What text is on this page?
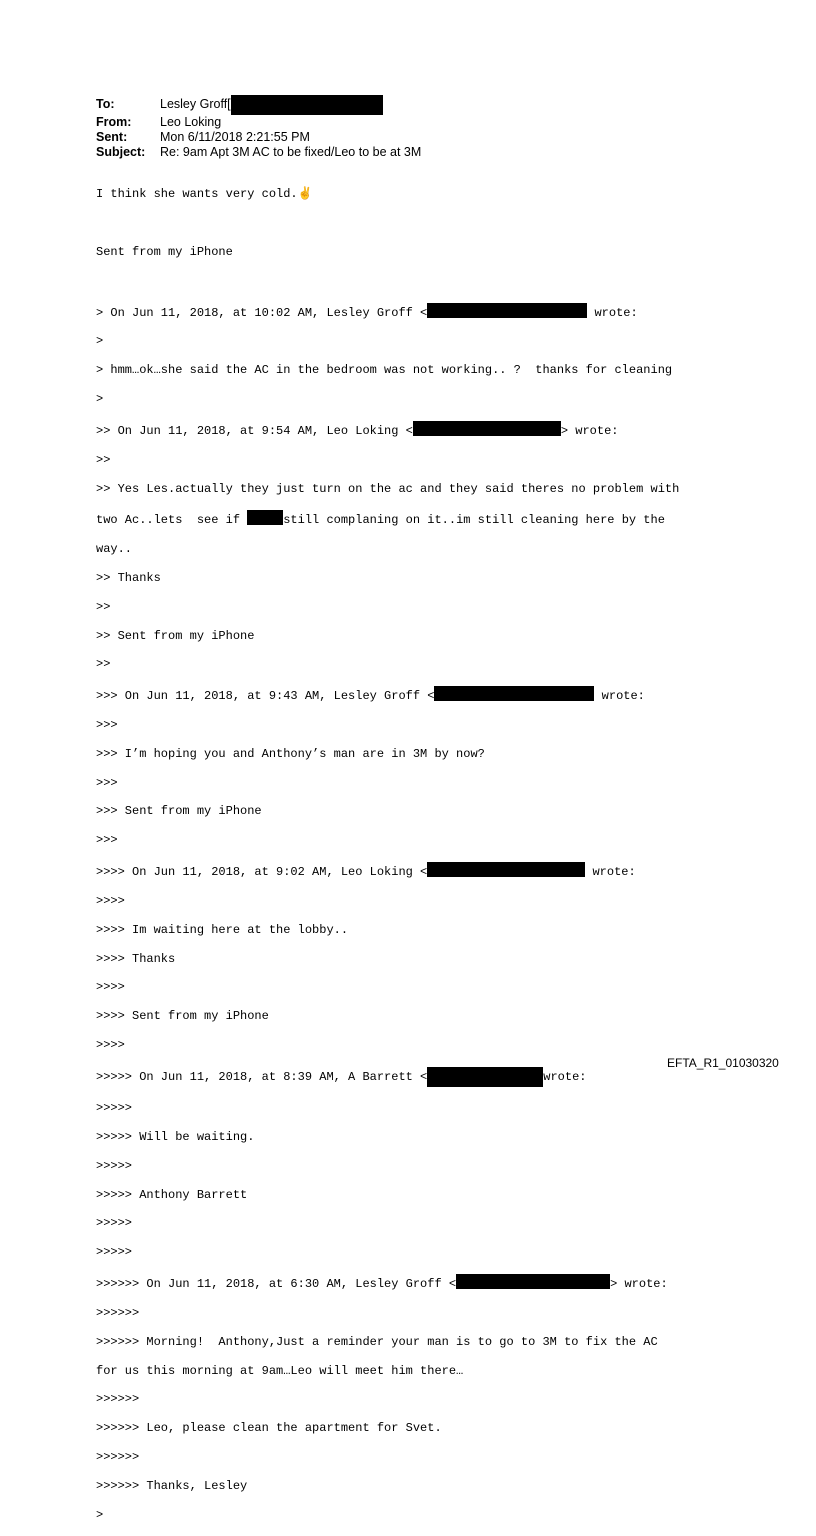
To:	Lesley Groff[
From:	Leo Loking
Sent:	Mon 6/11/2018 2:21:55 PM
Subject:	Re: 9am Apt 3M AC to be fixed/Leo to be at 3M

I think she wants very cold.✌

Sent from my iPhone

> On Jun 11, 2018, at 10:02 AM, Lesley Groff <	wrote:

>

> hmm…ok…she said the AC in the bedroom was not working.. ?  thanks for cleaning

>

>> On Jun 11, 2018, at 9:54 AM, Leo Loking <	> wrote:

>>

>> Yes Les.actually they just turn on the ac and they said theres no problem with

two Ac..lets  see if	still complaning on it..im still cleaning here by the

way..

>> Thanks

>>

>> Sent from my iPhone

>>

>>> On Jun 11, 2018, at 9:43 AM, Lesley Groff <	wrote:

>>>

>>> I’m hoping you and Anthony’s man are in 3M by now?

>>>

>>> Sent from my iPhone

>>>

>>>> On Jun 11, 2018, at 9:02 AM, Leo Loking <	wrote:

>>>>

>>>> Im waiting here at the lobby..

>>>> Thanks

>>>>

>>>> Sent from my iPhone

>>>>

>>>>> On Jun 11, 2018, at 8:39 AM, A Barrett <	wrote:

>>>>>

>>>>> Will be waiting.

>>>>>

>>>>> Anthony Barrett

>>>>>

>>>>>

>>>>>> On Jun 11, 2018, at 6:30 AM, Lesley Groff <	> wrote:

>>>>>>

>>>>>> Morning!  Anthony,Just a reminder your man is to go to 3M to fix the AC

for us this morning at 9am…Leo will meet him there…

>>>>>>

>>>>>> Leo, please clean the apartment for Svet.

>>>>>>

>>>>>> Thanks, Lesley

>

EFTA_R1_01030320
